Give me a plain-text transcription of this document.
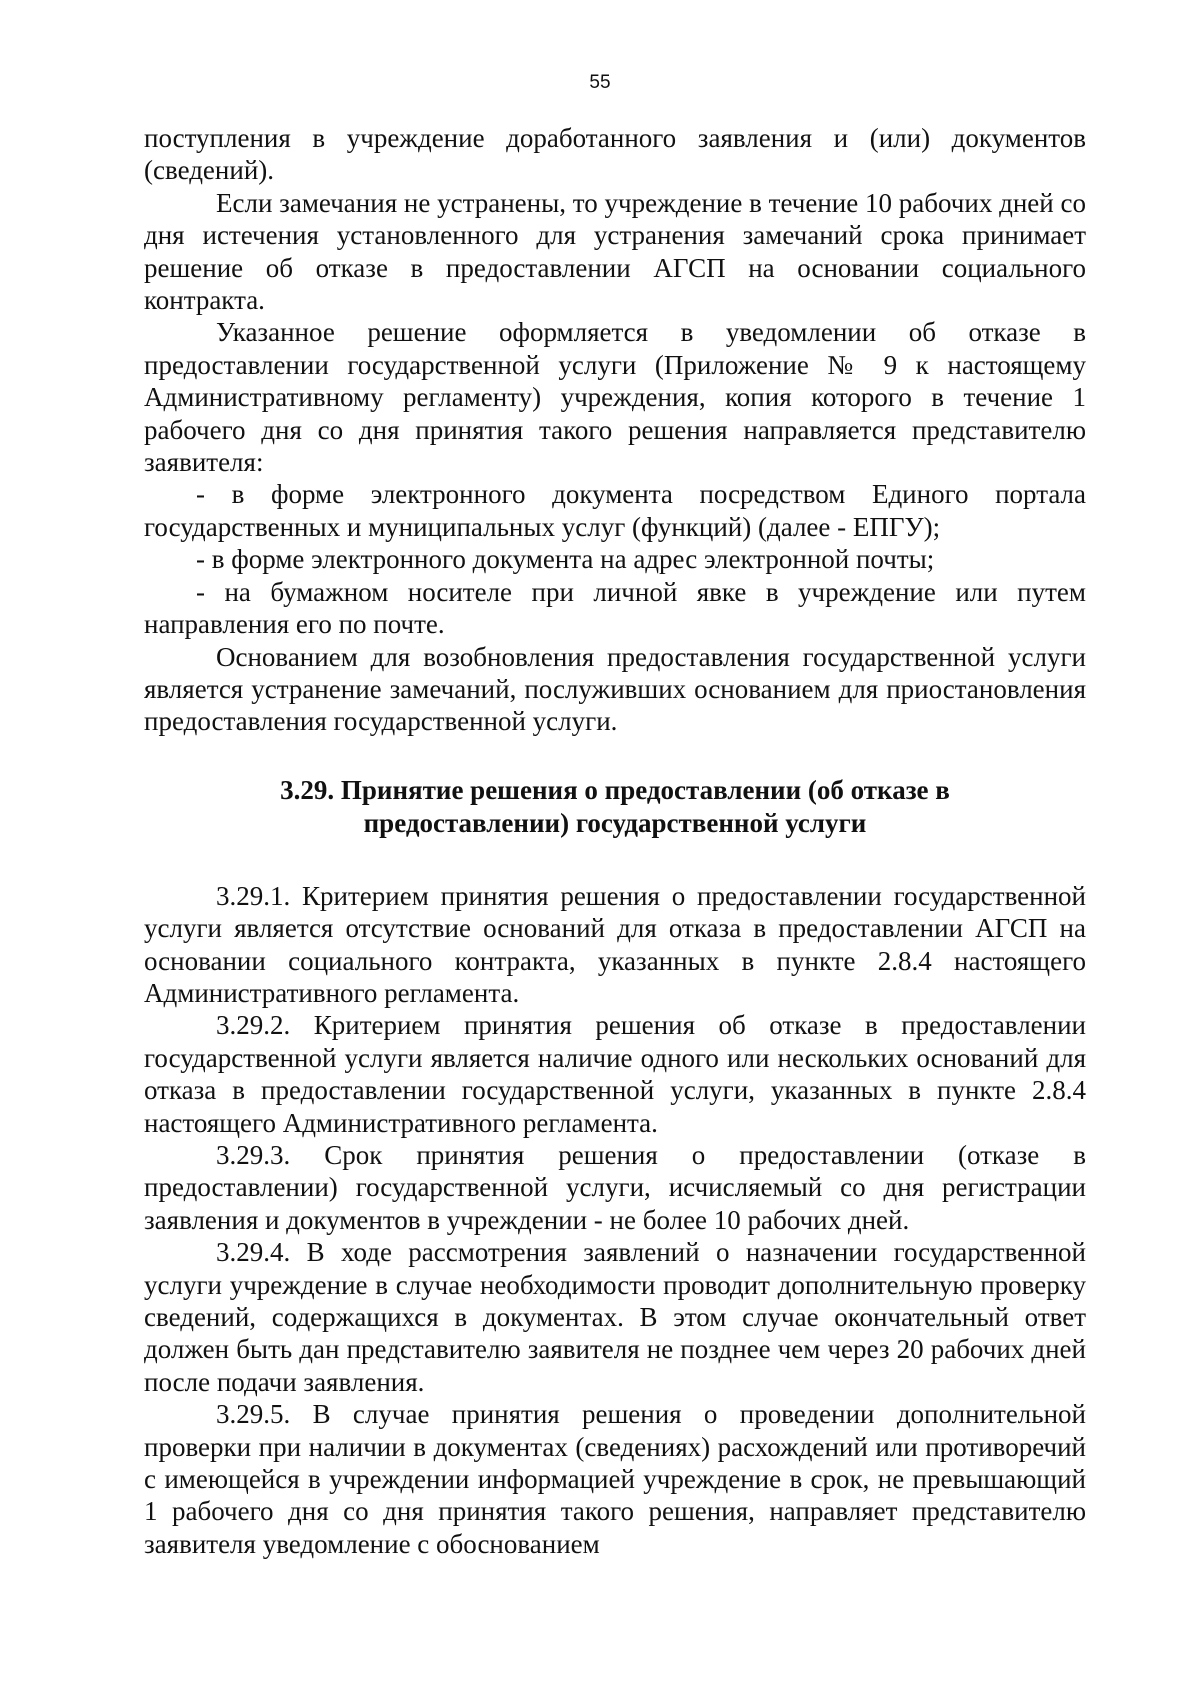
55

поступления в учреждение доработанного заявления и (или) документов (сведений).

Если замечания не устранены, то учреждение в течение 10 рабочих дней со дня истечения установленного для устранения замечаний срока принимает решение об отказе в предоставлении АГСП на основании социального контракта.

Указанное решение оформляется в уведомлении об отказе в предоставлении государственной услуги (Приложение № 9 к настоящему Административному регламенту) учреждения, копия которого в течение 1 рабочего дня со дня принятия такого решения направляется представителю заявителя:

- в форме электронного документа посредством Единого портала государственных и муниципальных услуг (функций) (далее - ЕПГУ);

- в форме электронного документа на адрес электронной почты;

- на бумажном носителе при личной явке в учреждение или путем направления его по почте.

Основанием для возобновления предоставления государственной услуги является устранение замечаний, послуживших основанием для приостановления предоставления государственной услуги.

3.29. Принятие решения о предоставлении (об отказе в
предоставлении) государственной услуги

3.29.1. Критерием принятия решения о предоставлении государственной услуги является отсутствие оснований для отказа в предоставлении АГСП на основании социального контракта, указанных в пункте 2.8.4 настоящего Административного регламента.

3.29.2. Критерием принятия решения об отказе в предоставлении государственной услуги является наличие одного или нескольких оснований для отказа в предоставлении государственной услуги, указанных в пункте 2.8.4 настоящего Административного регламента.

3.29.3. Срок принятия решения о предоставлении (отказе в предоставлении) государственной услуги, исчисляемый со дня регистрации заявления и документов в учреждении - не более 10 рабочих дней.

3.29.4. В ходе рассмотрения заявлений о назначении государственной услуги учреждение в случае необходимости проводит дополнительную проверку сведений, содержащихся в документах. В этом случае окончательный ответ должен быть дан представителю заявителя не позднее чем через 20 рабочих дней после подачи заявления.

3.29.5. В случае принятия решения о проведении дополнительной проверки при наличии в документах (сведениях) расхождений или противоречий с имеющейся в учреждении информацией учреждение в срок, не превышающий 1 рабочего дня со дня принятия такого решения, направляет представителю заявителя уведомление с обоснованием
